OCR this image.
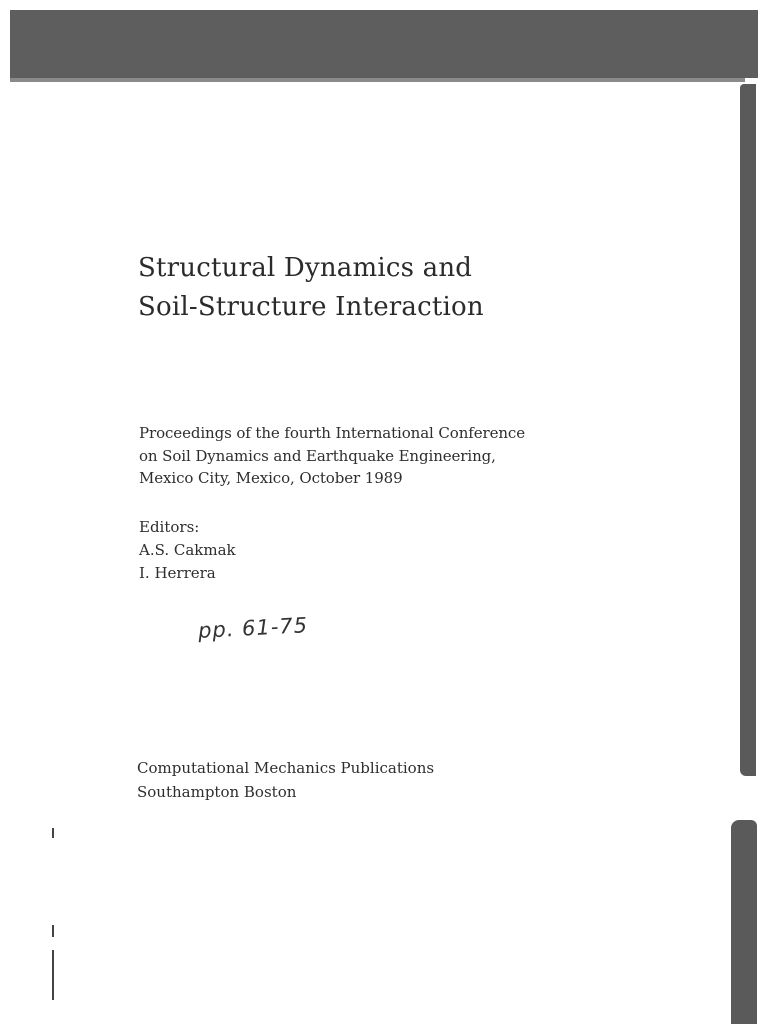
Structural Dynamics and
Soil-Structure Interaction
Proceedings of the fourth International Conference
on Soil Dynamics and Earthquake Engineering,
Mexico City, Mexico, October 1989
Editors:
A.S. Cakmak
I. Herrera
pp. 61-75
Computational Mechanics Publications
Southampton Boston
